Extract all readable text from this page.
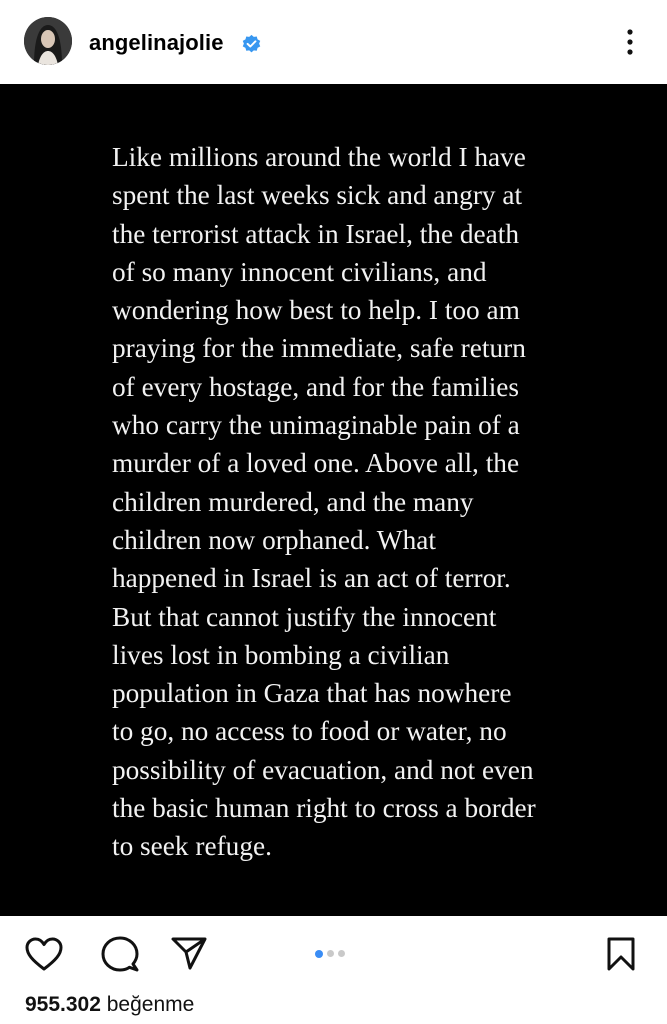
angelinajolie
Like millions around the world I have
spent the last weeks sick and angry at
the terrorist attack in Israel, the death
of so many innocent civilians, and
wondering how best to help. I too am
praying for the immediate, safe return
of every hostage, and for the families
who carry the unimaginable pain of a
murder of a loved one. Above all, the
children murdered, and the many
children now orphaned. What
happened in Israel is an act of terror.
But that cannot justify the innocent
lives lost in bombing a civilian
population in Gaza that has nowhere
to go, no access to food or water, no
possibility of evacuation, and not even
the basic human right to cross a border
to seek refuge.
955.302 beğenme
